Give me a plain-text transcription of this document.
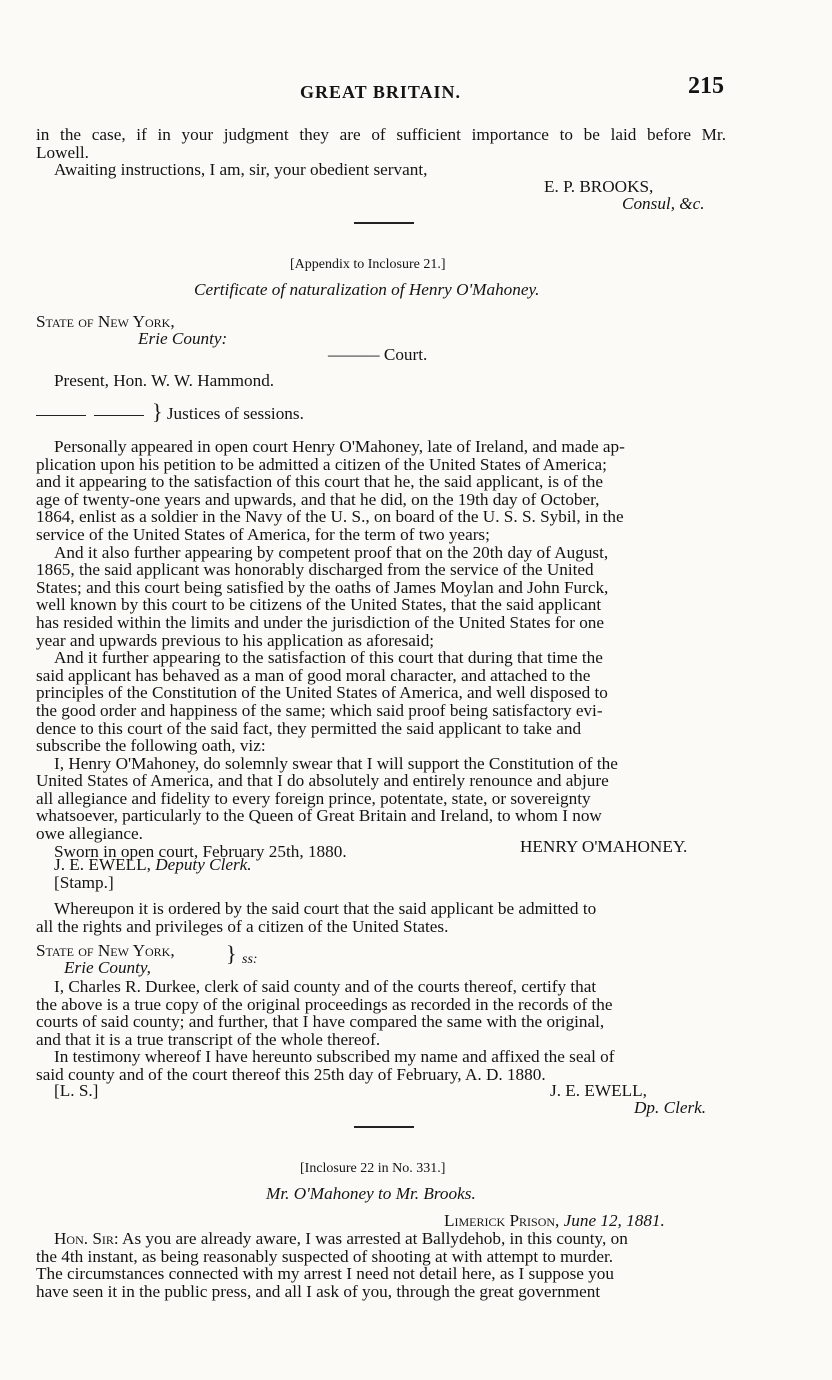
GREAT BRITAIN.	215
in the case, if in your judgment they are of sufficient importance to be laid before Mr.
Lowell.
Awaiting instructions, I am, sir, your obedient servant,
E. P. BROOKS,
Consul, &c.
[Appendix to Inclosure 21.]
Certificate of naturalization of Henry O'Mahoney.
State of New York,
Erie County:
——— Court.
Present, Hon. W. W. Hammond.
} Justices of sessions.
Personally appeared in open court Henry O'Mahoney, late of Ireland, and made ap-
plication upon his petition to be admitted a citizen of the United States of America;
and it appearing to the satisfaction of this court that he, the said applicant, is of the
age of twenty-one years and upwards, and that he did, on the 19th day of October,
1864, enlist as a soldier in the Navy of the U. S., on board of the U. S. S. Sybil, in the
service of the United States of America, for the term of two years;
And it also further appearing by competent proof that on the 20th day of August,
1865, the said applicant was honorably discharged from the service of the United
States; and this court being satisfied by the oaths of James Moylan and John Furck,
well known by this court to be citizens of the United States, that the said applicant
has resided within the limits and under the jurisdiction of the United States for one
year and upwards previous to his application as aforesaid;
And it further appearing to the satisfaction of this court that during that time the
said applicant has behaved as a man of good moral character, and attached to the
principles of the Constitution of the United States of America, and well disposed to
the good order and happiness of the same; which said proof being satisfactory evi-
dence to this court of the said fact, they permitted the said applicant to take and
subscribe the following oath, viz:
I, Henry O'Mahoney, do solemnly swear that I will support the Constitution of the
United States of America, and that I do absolutely and entirely renounce and abjure
all allegiance and fidelity to every foreign prince, potentate, state, or sovereignty
whatsoever, particularly to the Queen of Great Britain and Ireland, to whom I now
owe allegiance.
Sworn in open court, February 25th, 1880.	HENRY O'MAHONEY.
J. E. EWELL, Deputy Clerk.
[Stamp.]
Whereupon it is ordered by the said court that the said applicant be admitted to
all the rights and privileges of a citizen of the United States.
State of New York,
Erie County,
} ss:
I, Charles R. Durkee, clerk of said county and of the courts thereof, certify that
the above is a true copy of the original proceedings as recorded in the records of the
courts of said county; and further, that I have compared the same with the original,
and that it is a true transcript of the whole thereof.
In testimony whereof I have hereunto subscribed my name and affixed the seal of
said county and of the court thereof this 25th day of February, A. D. 1880.
[L. S.]	J. E. EWELL,
Dp. Clerk.
[Inclosure 22 in No. 331.]
Mr. O'Mahoney to Mr. Brooks.
Limerick Prison, June 12, 1881.
Hon. Sir: As you are already aware, I was arrested at Ballydehob, in this county, on
the 4th instant, as being reasonably suspected of shooting at with attempt to murder.
The circumstances connected with my arrest I need not detail here, as I suppose you
have seen it in the public press, and all I ask of you, through the great government
